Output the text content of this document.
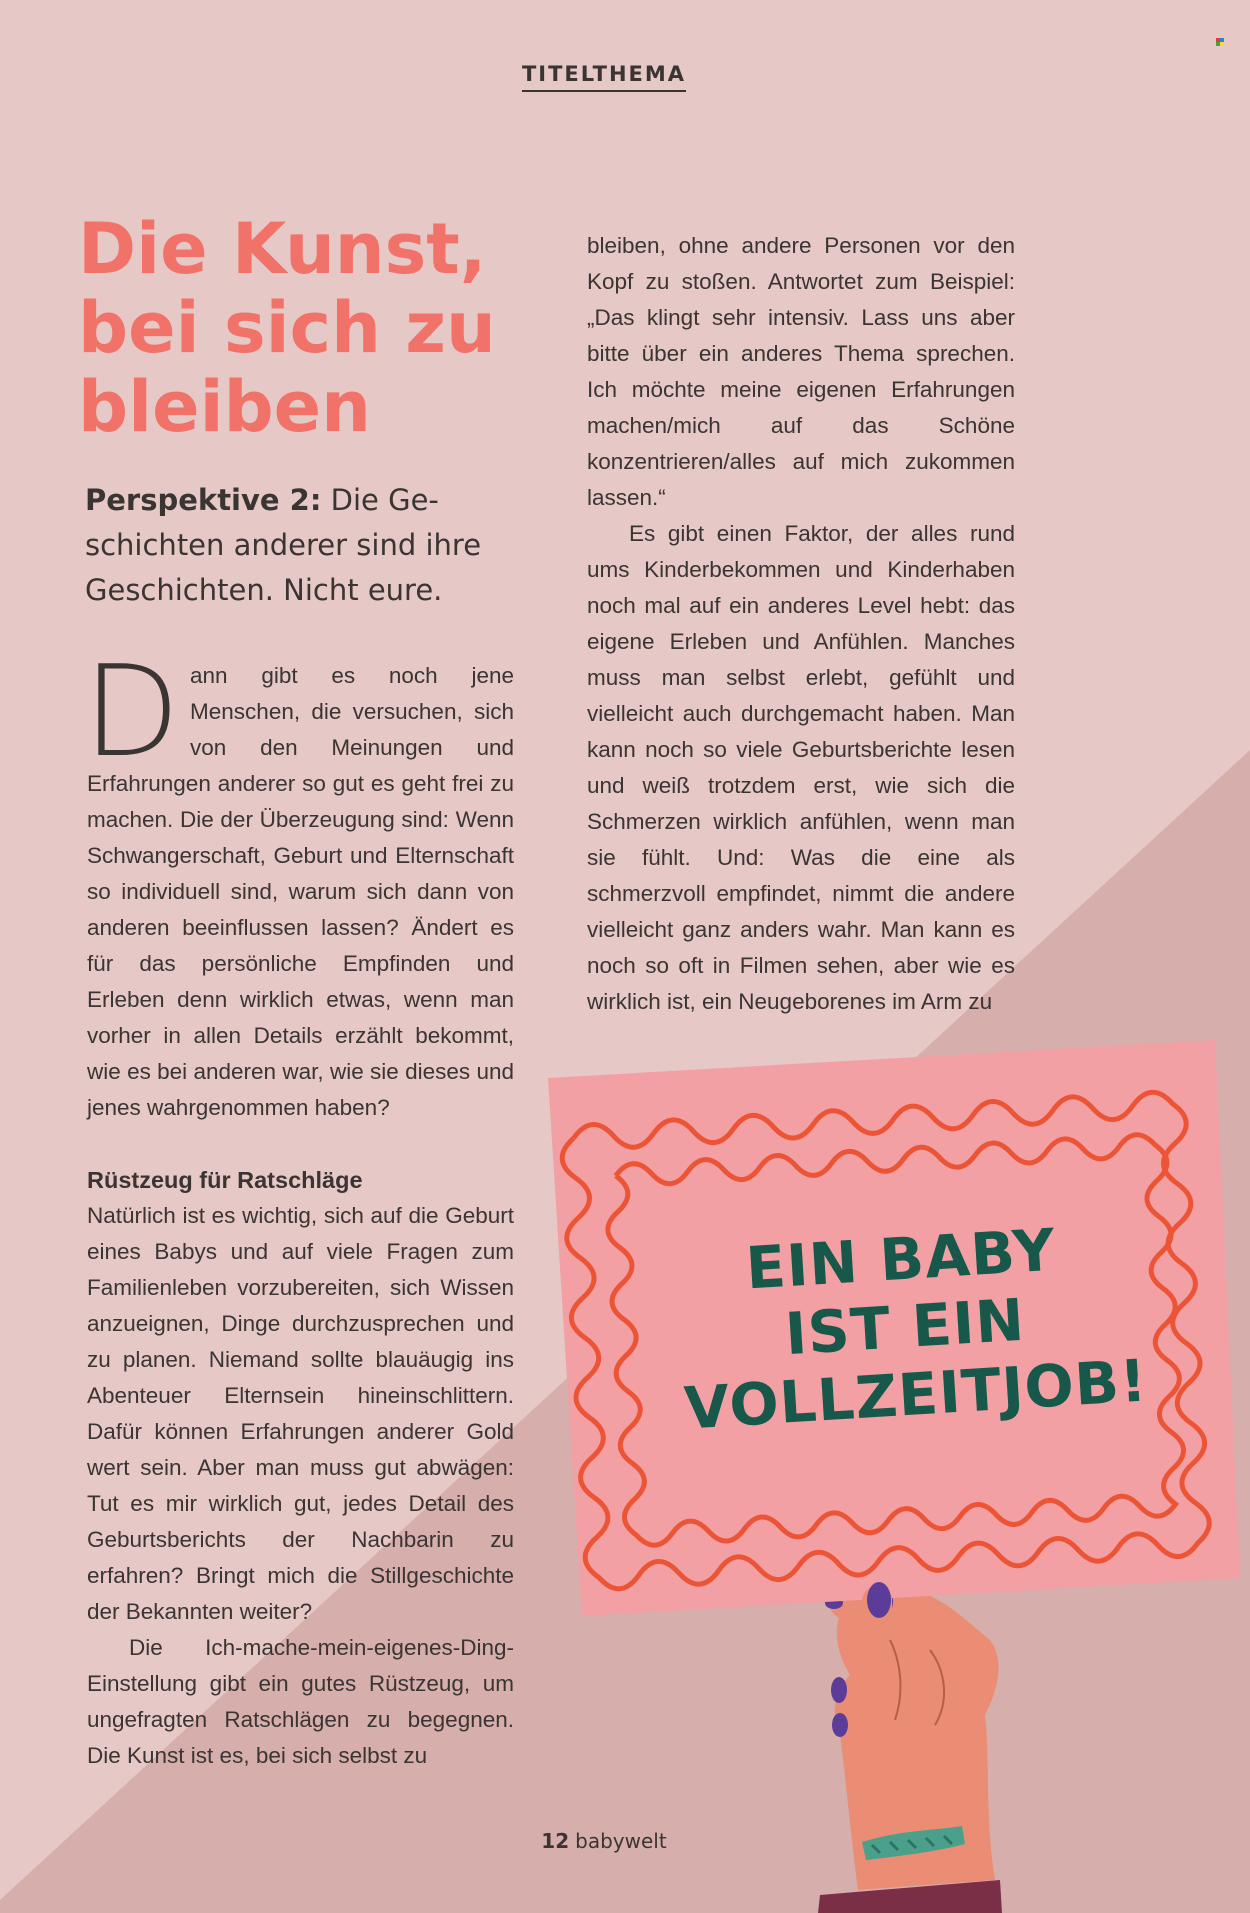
TITELTHEMA
Die Kunst,
bei sich zu
bleiben

Perspektive 2: Die Ge-schichten anderer sind ihre Geschichten. Nicht eure.

Dann gibt es noch jene Menschen, die versuchen, sich von den Meinungen und Erfahrungen anderer so gut es geht frei zu machen. Die der Überzeugung sind: Wenn Schwangerschaft, Geburt und Elternschaft so individuell sind, warum sich dann von anderen beeinflussen lassen? Ändert es für das persönliche Empfinden und Erleben denn wirklich etwas, wenn man vorher in allen Details erzählt bekommt, wie es bei anderen war, wie sie dieses und jenes wahrgenommen haben?

Rüstzeug für Ratschläge

Natürlich ist es wichtig, sich auf die Geburt eines Babys und auf viele Fragen zum Familienleben vorzubereiten, sich Wissen anzueignen, Dinge durchzusprechen und zu planen. Niemand sollte blauäugig ins Abenteuer Elternsein hineinschlittern. Dafür können Erfahrungen anderer Gold wert sein. Aber man muss gut abwägen: Tut es mir wirklich gut, jedes Detail des Geburtsberichts der Nachbarin zu erfahren? Bringt mich die Stillgeschichte der Bekannten weiter?

Die Ich-mache-mein-eigenes-Ding-Einstellung gibt ein gutes Rüstzeug, um ungefragten Ratschlägen zu begegnen. Die Kunst ist es, bei sich selbst zu

bleiben, ohne andere Personen vor den Kopf zu stoßen. Antwortet zum Beispiel: „Das klingt sehr intensiv. Lass uns aber bitte über ein anderes Thema sprechen. Ich möchte meine eigenen Erfahrungen machen/mich auf das Schöne konzentrieren/alles auf mich zukommen lassen.“

Es gibt einen Faktor, der alles rund ums Kinderbekommen und Kinderhaben noch mal auf ein anderes Level hebt: das eigene Erleben und Anfühlen. Manches muss man selbst erlebt, gefühlt und vielleicht auch durchgemacht haben. Man kann noch so viele Geburtsberichte lesen und weiß trotzdem erst, wie sich die Schmerzen wirklich anfühlen, wenn man sie fühlt. Und: Was die eine als schmerzvoll empfindet, nimmt die andere vielleicht ganz anders wahr. Man kann es noch so oft in Filmen sehen, aber wie es wirklich ist, ein Neugeborenes im Arm zu

EIN BABY
IST EIN
VOLLZEITJOB!
12 babywelt
